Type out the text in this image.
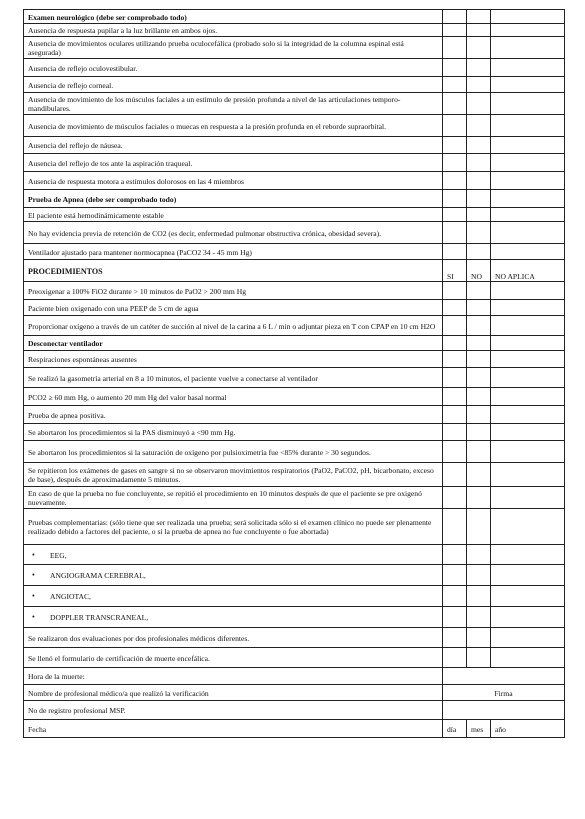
Examen neurológico (debe ser comprobado todo)			
Ausencia de respuesta pupilar a la luz brillante en ambos ojos.			
Ausencia de movimientos oculares utilizando prueba oculocefálica (probado solo si la integridad de la columna espinal está asegurada)			
Ausencia de reflejo oculovestibular.			
Ausencia de reflejo corneal.			
Ausencia de movimiento de los músculos faciales a un estímulo de presión profunda a nivel de las articulaciones temporo-mandibulares.			
Ausencia de movimiento de músculos faciales o muecas en respuesta a la presión profunda en el reborde supraorbital.			
Ausencia del reflejo de náusea.			
Ausencia del reflejo de tos ante la aspiración traqueal.			
Ausencia de respuesta motora a estímulos dolorosos en las 4 miembros			
Prueba de Apnea (debe ser comprobado todo)			
El paciente está hemodinámicamente estable			
No hay evidencia previa de retención de CO2 (es decir, enfermedad pulmonar obstructiva crónica, obesidad severa).			
Ventilador ajustado para mantener normocapnea (PaCO2 34 - 45 mm Hg)			
PROCEDIMIENTOS	SI	NO	NO APLICA
Preoxigenar a 100% FiO2 durante > 10 minutos de PaO2 > 200 mm Hg			
Paciente bien oxigenado con una PEEP de 5 cm de agua			
Proporcionar oxígeno a través de un catéter de succión al nivel de la carina a 6 L / min o adjuntar pieza en T con CPAP en 10 cm H2O			
Desconectar ventilador			
Respiraciones espontáneas ausentes			
Se realizó la gasometría arterial en 8 a 10 minutos, el paciente vuelve a conectarse al ventilador			
PCO2 ≥ 60 mm Hg, o aumento 20 mm Hg del valor basal normal			
Prueba de apnea positiva.			
Se abortaron los procedimientos si la PAS disminuyó a <90 mm Hg.			
Se abortaron los procedimientos si la saturación de oxígeno por pulsioximetría fue <85% durante > 30 segundos.			
Se repitieron los exámenes de gases en sangre si no se observaron movimientos respiratorios (PaO2, PaCO2, pH, bicarbonato, exceso de base), después de aproximadamente 5 minutos.			
En caso de que la prueba no fue concluyente, se repitió el procedimiento en 10 minutos después de que el paciente se pre oxigenó nuevamente.			
Pruebas complementarias: (sólo tiene que ser realizada una prueba; será solicitada sólo si el examen clínico no puede ser plenamente realizado debido a factores del paciente, o si la prueba de apnea no fue concluyente o fue abortada)			

• EEG,			

• ANGIOGRAMA CEREBRAL,			

• ANGIOTAC,			

• DOPPLER TRANSCRANEAL,			
Se realizaron dos evaluaciones por dos profesionales médicos diferentes.			
Se llenó el formulario de certificación de muerte encefálica.			
Hora de la muerte:			
Nombre de profesional médico/a que realizó la verificación	Firma		
No de registro profesional MSP.			
Fecha	día	mes	año
